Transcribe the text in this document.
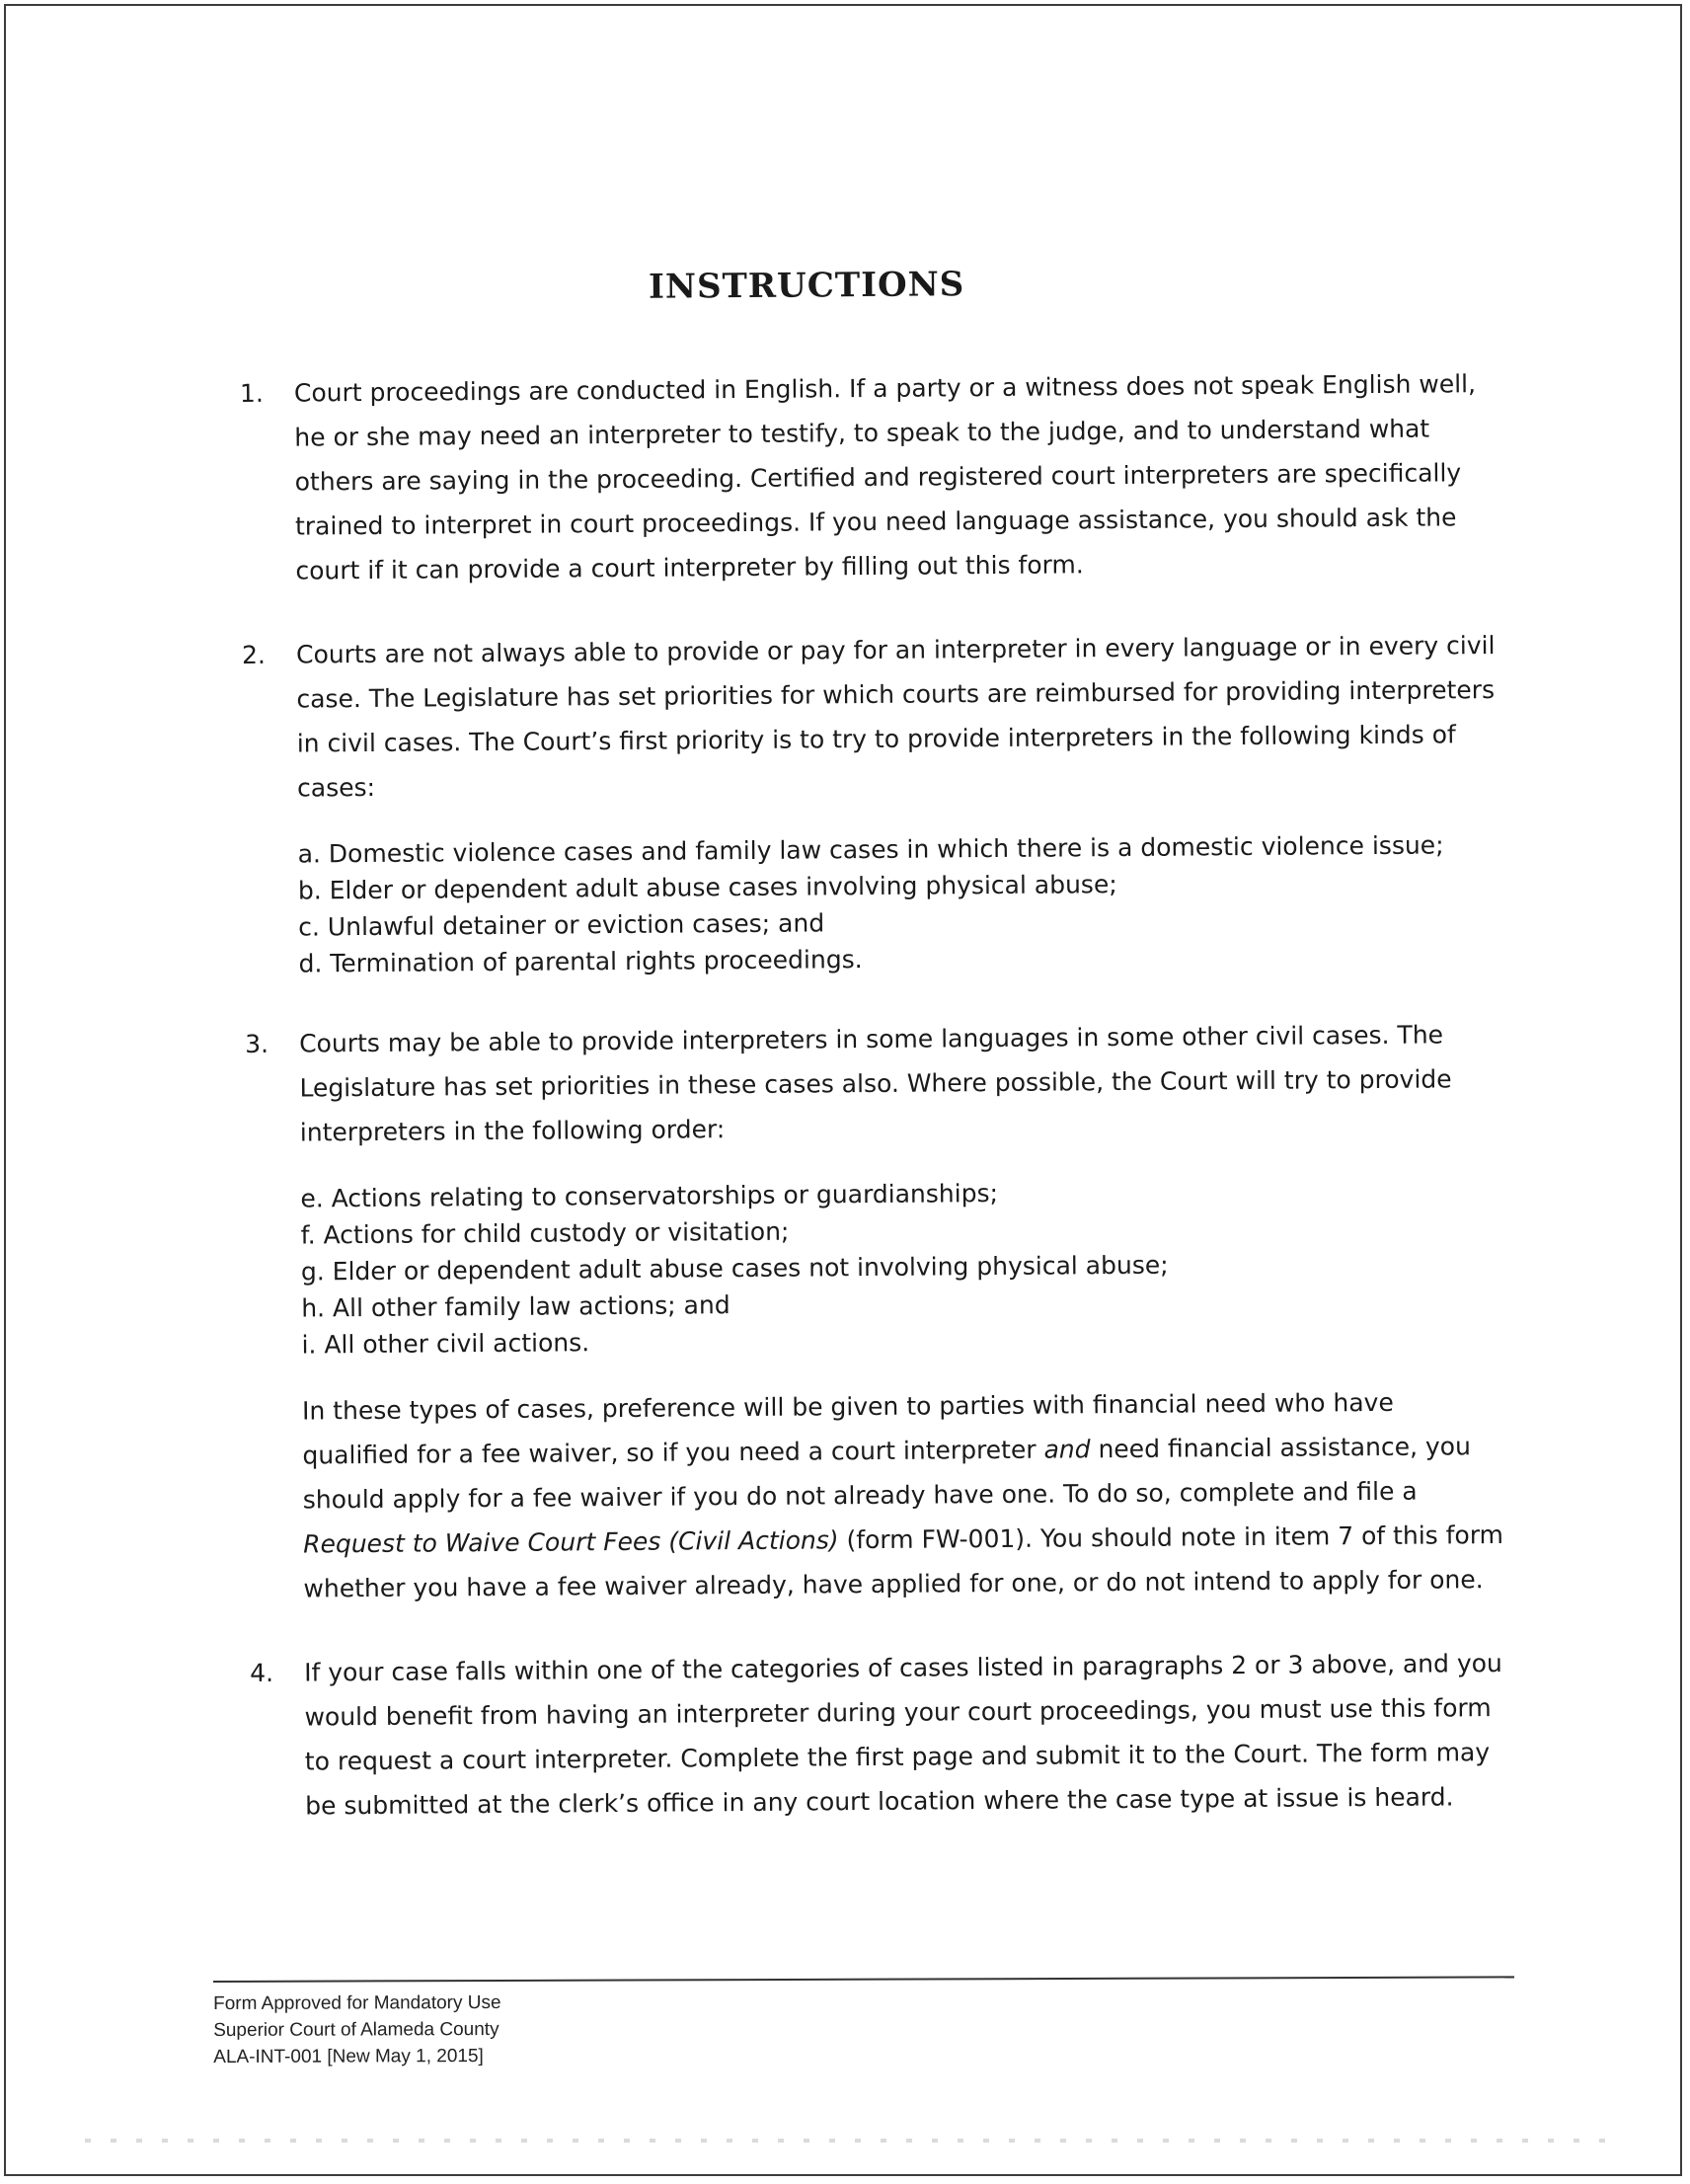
INSTRUCTIONS
1.	Court proceedings are conducted in English. If a party or a witness does not speak English well, he or she may need an interpreter to testify, to speak to the judge, and to understand what others are saying in the proceeding. Certified and registered court interpreters are specifically trained to interpret in court proceedings. If you need language assistance, you should ask the court if it can provide a court interpreter by filling out this form.
2.	Courts are not always able to provide or pay for an interpreter in every language or in every civil case. The Legislature has set priorities for which courts are reimbursed for providing interpreters in civil cases. The Court’s first priority is to try to provide interpreters in the following kinds of cases:
a. Domestic violence cases and family law cases in which there is a domestic violence issue;
b. Elder or dependent adult abuse cases involving physical abuse;
c. Unlawful detainer or eviction cases; and
d. Termination of parental rights proceedings.
3.	Courts may be able to provide interpreters in some languages in some other civil cases. The Legislature has set priorities in these cases also. Where possible, the Court will try to provide interpreters in the following order:
e. Actions relating to conservatorships or guardianships;
f. Actions for child custody or visitation;
g. Elder or dependent adult abuse cases not involving physical abuse;
h. All other family law actions; and
i. All other civil actions.

In these types of cases, preference will be given to parties with financial need who have qualified for a fee waiver, so if you need a court interpreter and need financial assistance, you should apply for a fee waiver if you do not already have one. To do so, complete and file a Request to Waive Court Fees (Civil Actions) (form FW-001). You should note in item 7 of this form whether you have a fee waiver already, have applied for one, or do not intend to apply for one.

4.	If your case falls within one of the categories of cases listed in paragraphs 2 or 3 above, and you would benefit from having an interpreter during your court proceedings, you must use this form to request a court interpreter. Complete the first page and submit it to the Court. The form may be submitted at the clerk’s office in any court location where the case type at issue is heard.
Form Approved for Mandatory Use
Superior Court of Alameda County
ALA-INT-001 [New May 1, 2015]
